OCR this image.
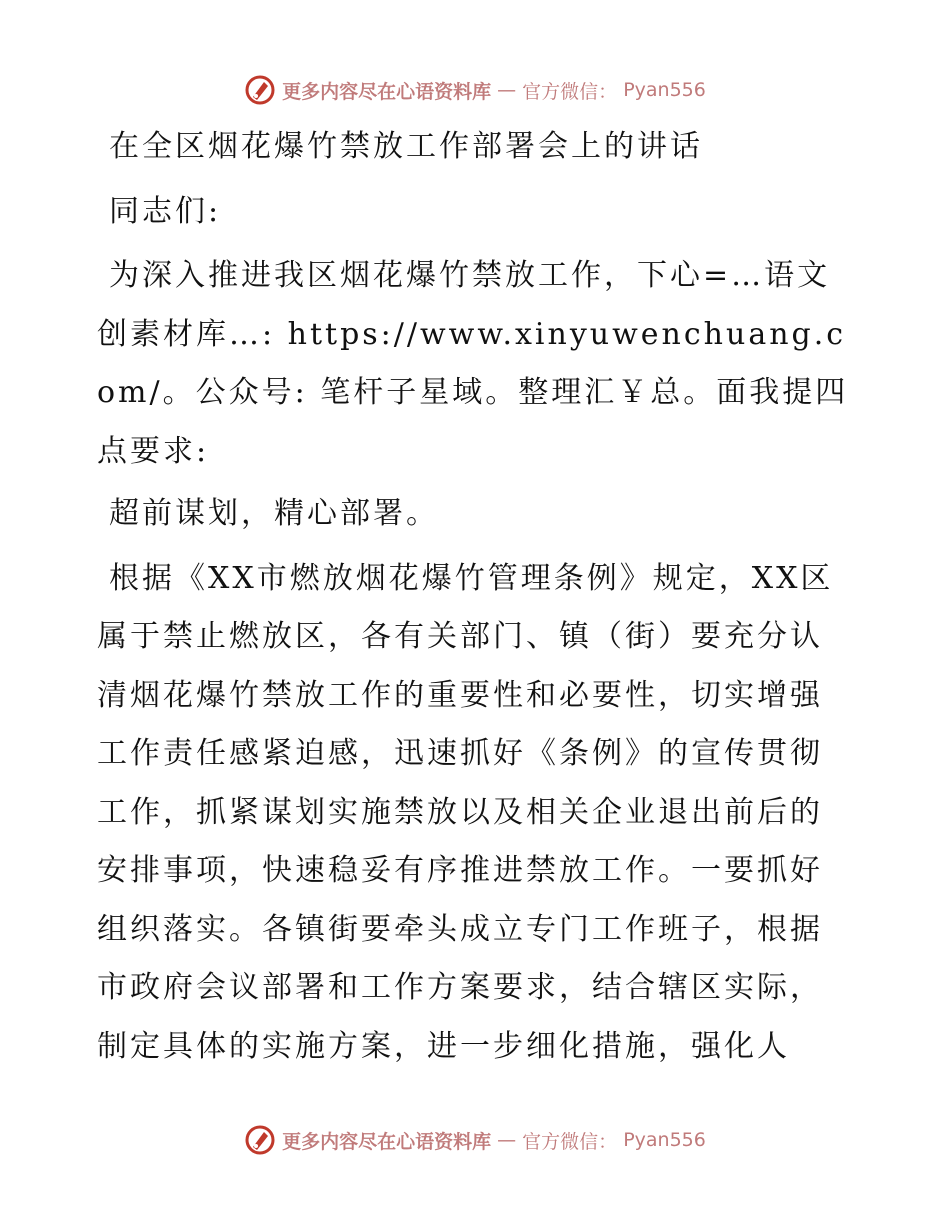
更多内容尽在心语资料库 — 官方微信： Pyan556

在全区烟花爆竹禁放工作部署会上的讲话

同志们:

为深入推进我区烟花爆竹禁放工作，下心=…语文创素材库…: https://www.xinyuwenchuang.com/。公众号: 笔杆子星域。整理汇￥总。面我提四点要求:

超前谋划，精心部署。

根据《XX市燃放烟花爆竹管理条例》规定，XX区属于禁止燃放区，各有关部门、镇（街）要充分认清烟花爆竹禁放工作的重要性和必要性，切实增强工作责任感紧迫感，迅速抓好《条例》的宣传贯彻工作，抓紧谋划实施禁放以及相关企业退出前后的安排事项，快速稳妥有序推进禁放工作。一要抓好组织落实。各镇街要牵头成立专门工作班子，根据市政府会议部署和工作方案要求，结合辖区实际，制定具体的实施方案，进一步细化措施，强化人

更多内容尽在心语资料库 — 官方微信： Pyan556
